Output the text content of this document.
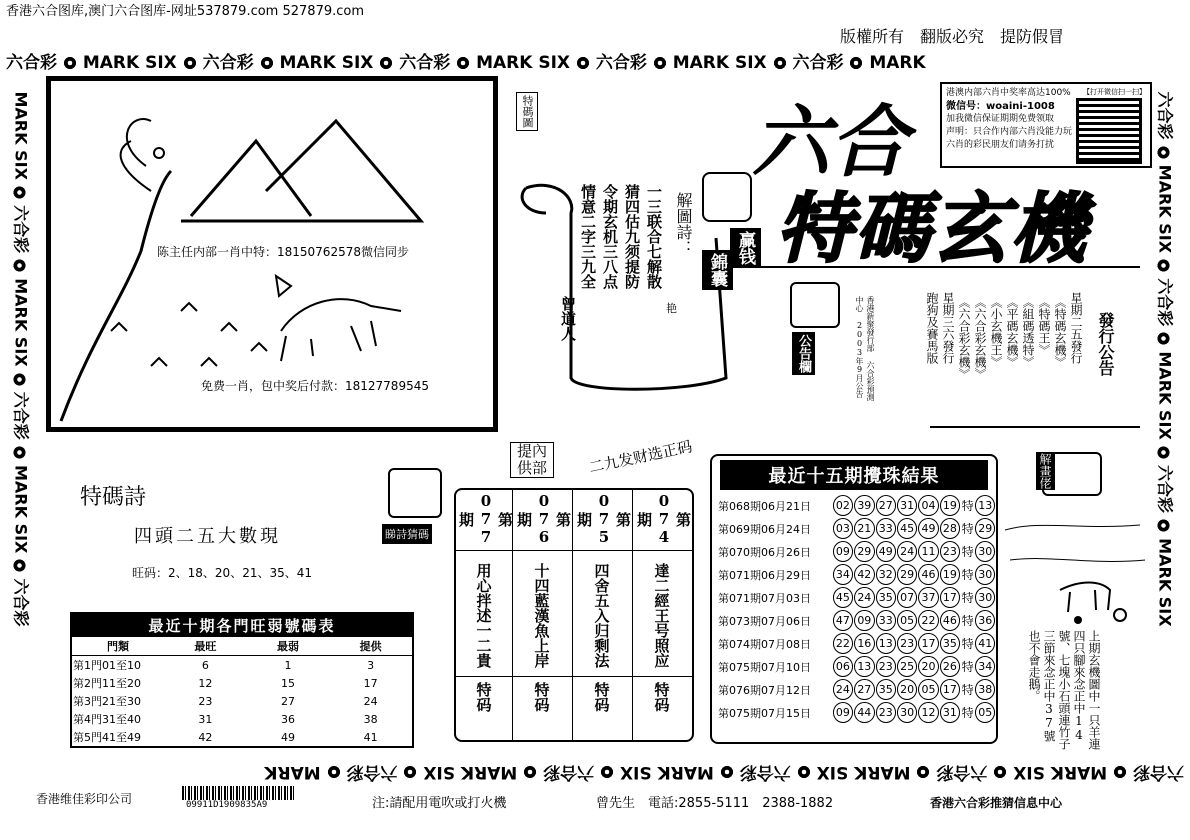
香港六合图库,澳门六合图库-网址537879.com 527879.com
版權所有　翻版必究　提防假冒
六合彩 MARK SIX 六合彩 MARK SIX 六合彩 MARK SIX 六合彩 MARK SIX 六合彩 MARK
六合彩  MARK SIX  六合彩  MARK SIX  六合彩  MARK SIX  六合彩  MARK SIX  六合彩  MARK
MARK SIX  六合彩  MARK SIX  六合彩  MARK SIX  六合彩
六合彩  MARK SIX  六合彩  MARK SIX  六合彩  MARK SIX
陈主任内部一肖中特：18150762578微信同步
免费一肖，包中奖后付款：18127789545
特碼圖
解圖詩：
一三联合七解散
猜四估九须提防
令期玄机三八点
情意二字三九全
艳
曾道人
赢钱
錦囊
公告欄
六合
特碼玄機
港澳内部六肖中奖率高达100%
微信号：woaini-1008
加我微信保证期期免费领取
声明：只合作内部六肖没能力玩六肖的彩民朋友们请务打扰
【打开微信扫一扫】
發行公告
星期二五發行
《特碼玄機》
《特碼王》
《組碼透特》
《平碼玄機》
《小玄機王》
《六合彩玄機》
《六合彩玄機》
星期三六發行
跑狗及賽馬版
香港新聚發行部 六合彩預測中心 2003年9月公告
特碼詩
四頭二五大數現
旺码：2、18、20、21、35、41
睇詩猜碼
最近十期各門旺弱號碼表
門類	最旺	最弱	提供
第1門01至10	6	1	3
第2門11至20	12	15	17
第3門21至30	23	27	24
第4門31至40	31	36	38
第5門41至49	42	49	41
提內供部	二九发财选正码
第077期
用心拌述一二貴
特码
第076期
十四藍漢魚上岸
特码
第075期
四舍五入归剩法
特码
第074期
達二經王号照应
特码
最近十五期攪珠結果
第068期06月21日	02 39 27 31 04 19 特 13
第069期06月24日	03 21 33 45 49 28 特 29
第070期06月26日	09 29 49 24 11 23 特 30
第071期06月29日	34 42 32 29 46 19 特 30
第071期07月03日	45 24 35 07 37 17 特 30
第073期07月06日	47 09 33 05 22 46 特 36
第074期07月08日	22 16 13 23 17 35 特 41
第075期07月10日	06 13 23 25 20 26 特 34
第076期07月12日	24 27 35 20 05 17 特 38
第075期07月15日	09 44 23 30 12 31 特 05
解畫佬
上期玄機圖中一只羊連四只腳來念正中14號、七塊小石頭連竹子三節來念正中37號也不會走鵝。
香港维佳彩印公司	09911D1909835A9	注:請配用電吹或打火機	曾先生　電話:2855-5111　2388-1882	香港六合彩推猜信息中心
